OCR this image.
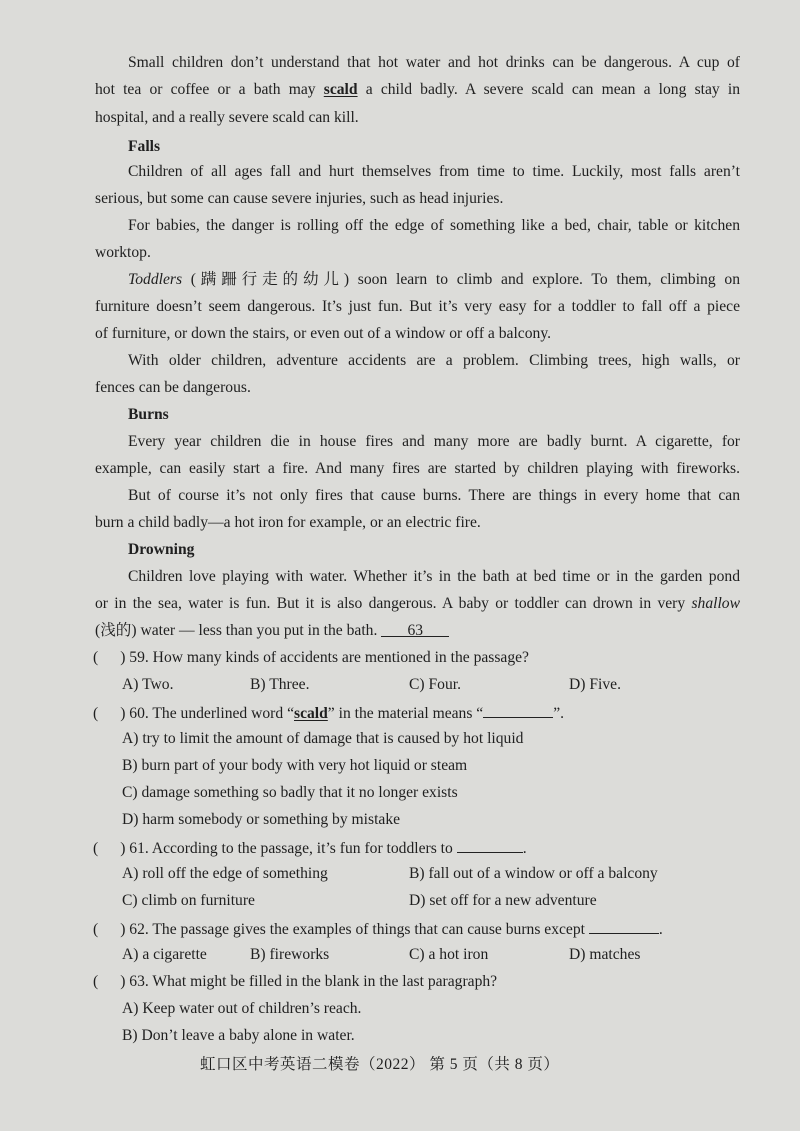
Small children don’t understand that hot water and hot drinks can be dangerous. A cup of

hot tea or coffee or a bath may scald a child badly. A severe scald can mean a long stay in

hospital, and a really severe scald can kill.

Falls

Children of all ages fall and hurt themselves from time to time. Luckily, most falls aren’t

serious, but some can cause severe injuries, such as head injuries.

For babies, the danger is rolling off the edge of something like a bed, chair, table or kitchen

worktop.

Toddlers (蹒跚行走的幼儿) soon learn to climb and explore. To them, climbing on

furniture doesn’t seem dangerous. It’s just fun. But it’s very easy for a toddler to fall off a piece

of furniture, or down the stairs, or even out of a window or off a balcony.

With older children, adventure accidents are a problem. Climbing trees, high walls, or

fences can be dangerous.

Burns

Every year children die in house fires and many more are badly burnt. A cigarette, for

example, can easily start a fire. And many fires are started by children playing with fireworks.

But of course it’s not only fires that cause burns. There are things in every home that can

burn a child badly—a hot iron for example, or an electric fire.

Drowning

Children love playing with water. Whether it’s in the bath at bed time or in the garden pond

or in the sea, water is fun. But it is also dangerous. A baby or toddler can drown in very shallow

(浅的) water — less than you put in the bath. 63

( ) 59. How many kinds of accidents are mentioned in the passage?

A) Two.	B) Three.	C) Four.	D) Five.

( ) 60. The underlined word “scald” in the material means “	”.

A) try to limit the amount of damage that is caused by hot liquid

B) burn part of your body with very hot liquid or steam

C) damage something so badly that it no longer exists

D) harm somebody or something by mistake

( ) 61. According to the passage, it’s fun for toddlers to	.

A) roll off the edge of something	B) fall out of a window or off a balcony

C) climb on furniture	D) set off for a new adventure

( ) 62. The passage gives the examples of things that can cause burns except	.

A) a cigarette	B) fireworks	C) a hot iron	D) matches

( ) 63. What might be filled in the blank in the last paragraph?

A) Keep water out of children’s reach.

B) Don’t leave a baby alone in water.

虹口区中考英语二模卷（2022） 第 5 页（共 8 页）
